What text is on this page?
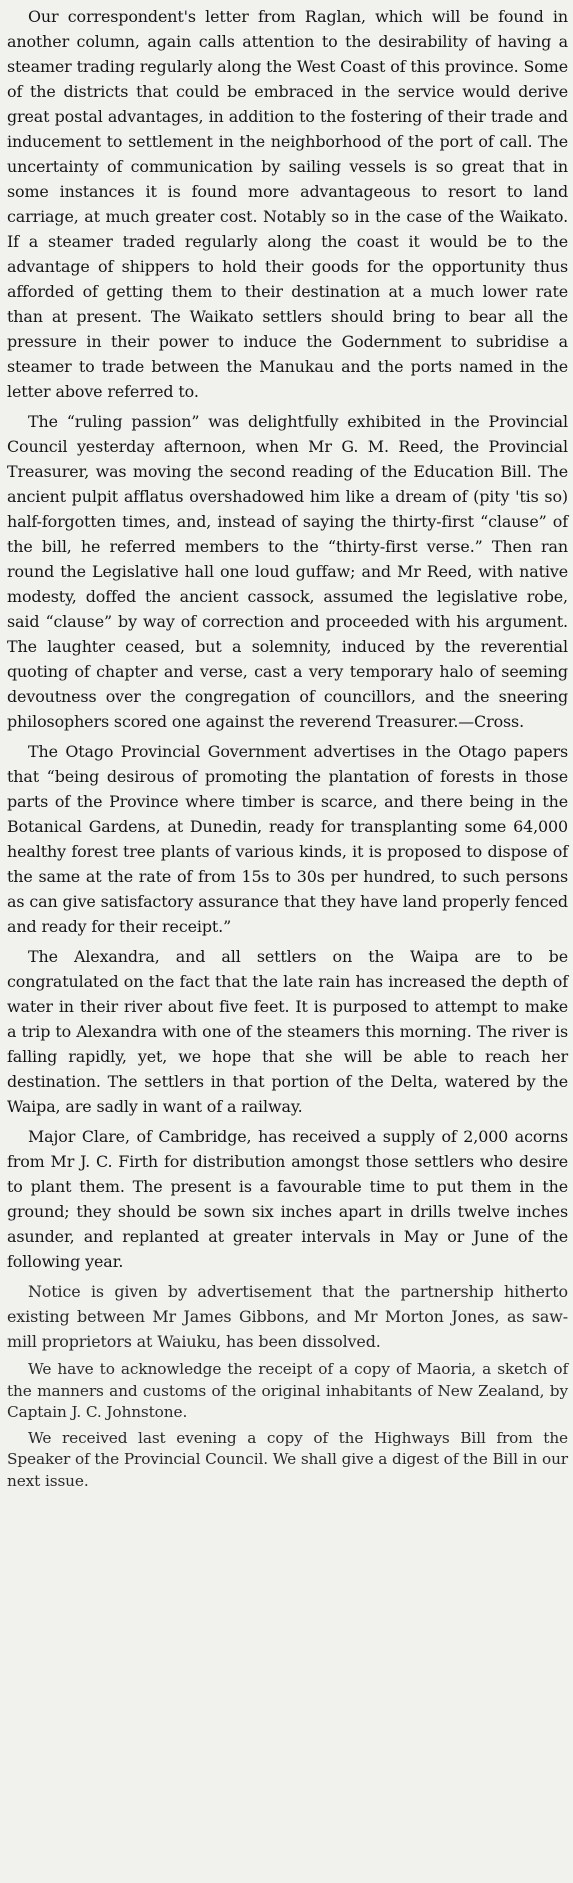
Our correspondent's letter from Raglan, which will be found in another column, again calls attention to the desirability of having a steamer trading regularly along the West Coast of this province. Some of the districts that could be embraced in the service would derive great postal advantages, in addition to the fostering of their trade and inducement to settlement in the neighborhood of the port of call. The uncertainty of communication by sailing vessels is so great that in some instances it is found more advantageous to resort to land carriage, at much greater cost. Notably so in the case of the Waikato. If a steamer traded regularly along the coast it would be to the advantage of shippers to hold their goods for the opportunity thus afforded of getting them to their destination at a much lower rate than at present. The Waikato settlers should bring to bear all the pressure in their power to induce the Godernment to subridise a steamer to trade between the Manukau and the ports named in the letter above referred to.

The “ruling passion” was delightfully exhibited in the Provincial Council yesterday afternoon, when Mr G. M. Reed, the Provincial Treasurer, was moving the second reading of the Education Bill. The ancient pulpit afflatus overshadowed him like a dream of (pity 'tis so) half-forgotten times, and, instead of saying the thirty-first “clause” of the bill, he referred members to the “thirty-first verse.” Then ran round the Legislative hall one loud guffaw; and Mr Reed, with native modesty, doffed the ancient cassock, assumed the legislative robe, said “clause” by way of correction and proceeded with his argument. The laughter ceased, but a solemnity, induced by the reverential quoting of chapter and verse, cast a very temporary halo of seeming devoutness over the congregation of councillors, and the sneering philosophers scored one against the reverend Treasurer.—Cross.

The Otago Provincial Government advertises in the Otago papers that “being desirous of promoting the plantation of forests in those parts of the Province where timber is scarce, and there being in the Botanical Gardens, at Dunedin, ready for transplanting some 64,000 healthy forest tree plants of various kinds, it is proposed to dispose of the same at the rate of from 15s to 30s per hundred, to such persons as can give satisfactory assurance that they have land properly fenced and ready for their receipt.”

The Alexandra, and all settlers on the Waipa are to be congratulated on the fact that the late rain has increased the depth of water in their river about five feet. It is purposed to attempt to make a trip to Alexandra with one of the steamers this morning. The river is falling rapidly, yet, we hope that she will be able to reach her destination. The settlers in that portion of the Delta, watered by the Waipa, are sadly in want of a railway.

Major Clare, of Cambridge, has received a supply of 2,000 acorns from Mr J. C. Firth for distribution amongst those settlers who desire to plant them. The present is a favourable time to put them in the ground; they should be sown six inches apart in drills twelve inches asunder, and replanted at greater intervals in May or June of the following year.

Notice is given by advertisement that the partnership hitherto existing between Mr James Gibbons, and Mr Morton Jones, as saw-mill proprietors at Waiuku, has been dissolved.

We have to acknowledge the receipt of a copy of Maoria, a sketch of the manners and customs of the original inhabitants of New Zealand, by Captain J. C. Johnstone.

We received last evening a copy of the Highways Bill from the Speaker of the Provincial Council. We shall give a digest of the Bill in our next issue.
